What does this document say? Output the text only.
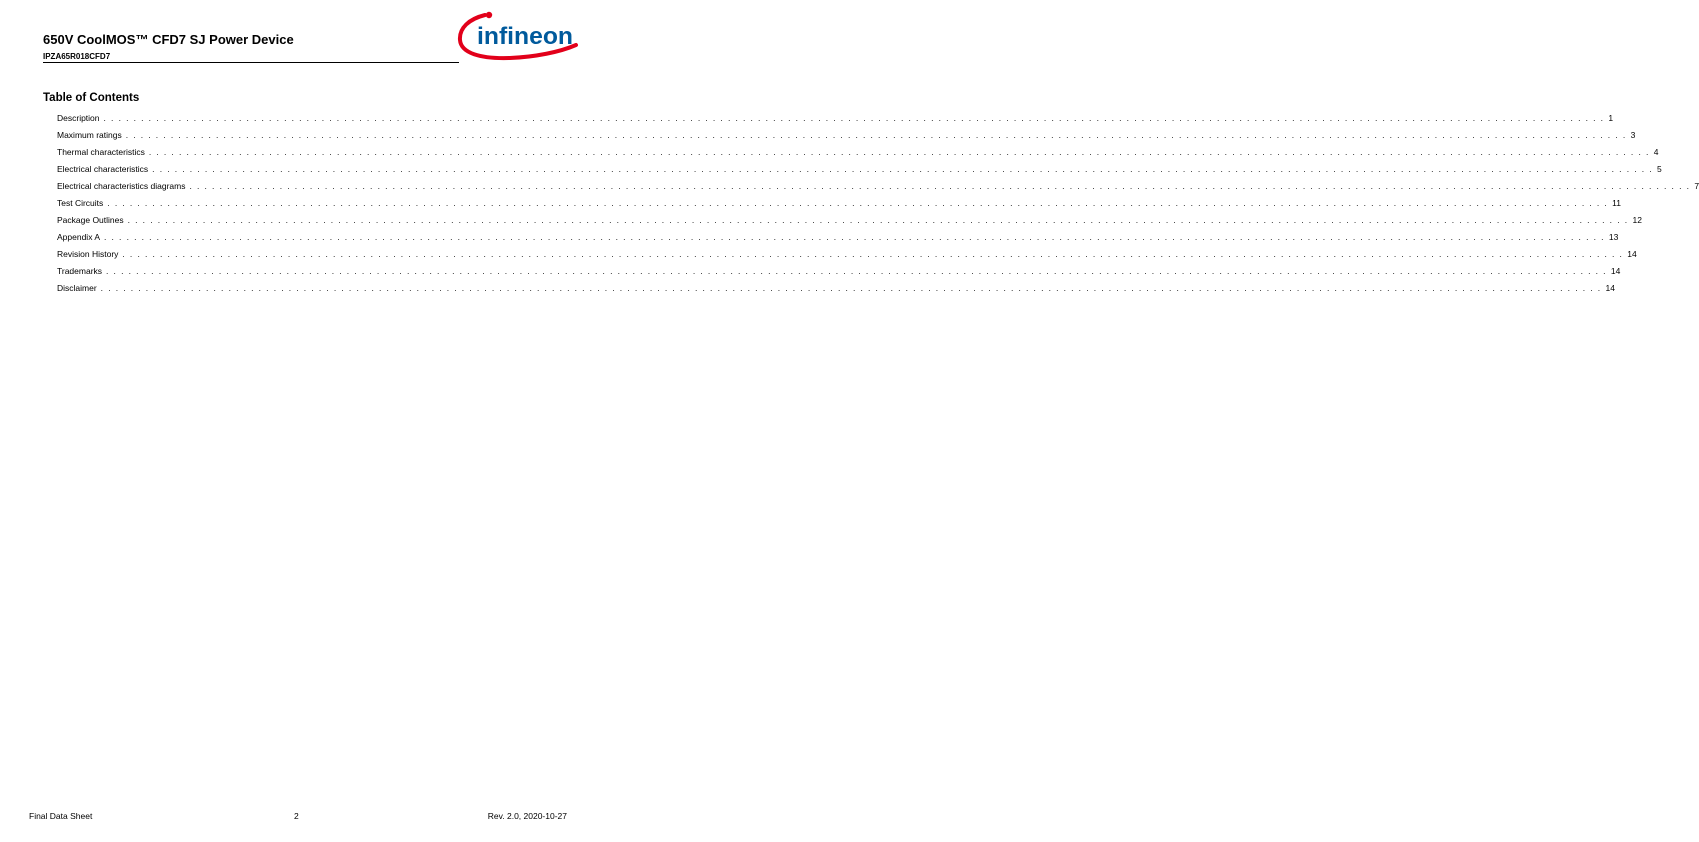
650V CoolMOS™ CFD7 SJ Power Device
IPZA65R018CFD7
infineon
Table of Contents
Description . . . . . . . . . . . . . . . . . . . . . . . . . . . . . . . . . . . . . . . . . . . . . . . . . . . . . . . . . . . . . . . . . . . . . . . . . . . . . . . . . . . . . . . . . . . . . . . . . . . . . . . . . . . . . . . . . . . . . . . . . . . . . . . . . . . . . . . . . . . . . . . . . . . . . . . . . . . . . . . . . . . . . . . . . . . . . . . . . . . . . . . . . . . . . . . . . . . . . . . . 1
Maximum ratings . . . . . . . . . . . . . . . . . . . . . . . . . . . . . . . . . . . . . . . . . . . . . . . . . . . . . . . . . . . . . . . . . . . . . . . . . . . . . . . . . . . . . . . . . . . . . . . . . . . . . . . . . . . . . . . . . . . . . . . . . . . . . . . . . . . . . . . . . . . . . . . . . . . . . . . . . . . . . . . . . . . . . . . . . . . . . . . . . . . . . . . . . . . . . . . . . . . . . . . . 3
Thermal characteristics . . . . . . . . . . . . . . . . . . . . . . . . . . . . . . . . . . . . . . . . . . . . . . . . . . . . . . . . . . . . . . . . . . . . . . . . . . . . . . . . . . . . . . . . . . . . . . . . . . . . . . . . . . . . . . . . . . . . . . . . . . . . . . . . . . . . . . . . . . . . . . . . . . . . . . . . . . . . . . . . . . . . . . . . . . . . . . . . . . . . . . . . . . . . . . . . . . . . . . . . 4
Electrical characteristics . . . . . . . . . . . . . . . . . . . . . . . . . . . . . . . . . . . . . . . . . . . . . . . . . . . . . . . . . . . . . . . . . . . . . . . . . . . . . . . . . . . . . . . . . . . . . . . . . . . . . . . . . . . . . . . . . . . . . . . . . . . . . . . . . . . . . . . . . . . . . . . . . . . . . . . . . . . . . . . . . . . . . . . . . . . . . . . . . . . . . . . . . . . . . . . . . . . . . . . . 5
Electrical characteristics diagrams . . . . . . . . . . . . . . . . . . . . . . . . . . . . . . . . . . . . . . . . . . . . . . . . . . . . . . . . . . . . . . . . . . . . . . . . . . . . . . . . . . . . . . . . . . . . . . . . . . . . . . . . . . . . . . . . . . . . . . . . . . . . . . . . . . . . . . . . . . . . . . . . . . . . . . . . . . . . . . . . . . . . . . . . . . . . . . . . . . . . . . . . . . . . . . . . . . . . . . . . 7
Test Circuits . . . . . . . . . . . . . . . . . . . . . . . . . . . . . . . . . . . . . . . . . . . . . . . . . . . . . . . . . . . . . . . . . . . . . . . . . . . . . . . . . . . . . . . . . . . . . . . . . . . . . . . . . . . . . . . . . . . . . . . . . . . . . . . . . . . . . . . . . . . . . . . . . . . . . . . . . . . . . . . . . . . . . . . . . . . . . . . . . . . . . . . . . . . . . . . . . . . . . . . . 11
Package Outlines . . . . . . . . . . . . . . . . . . . . . . . . . . . . . . . . . . . . . . . . . . . . . . . . . . . . . . . . . . . . . . . . . . . . . . . . . . . . . . . . . . . . . . . . . . . . . . . . . . . . . . . . . . . . . . . . . . . . . . . . . . . . . . . . . . . . . . . . . . . . . . . . . . . . . . . . . . . . . . . . . . . . . . . . . . . . . . . . . . . . . . . . . . . . . . . . . . . . . . . . 12
Appendix A . . . . . . . . . . . . . . . . . . . . . . . . . . . . . . . . . . . . . . . . . . . . . . . . . . . . . . . . . . . . . . . . . . . . . . . . . . . . . . . . . . . . . . . . . . . . . . . . . . . . . . . . . . . . . . . . . . . . . . . . . . . . . . . . . . . . . . . . . . . . . . . . . . . . . . . . . . . . . . . . . . . . . . . . . . . . . . . . . . . . . . . . . . . . . . . . . . . . . . . . 13
Revision History . . . . . . . . . . . . . . . . . . . . . . . . . . . . . . . . . . . . . . . . . . . . . . . . . . . . . . . . . . . . . . . . . . . . . . . . . . . . . . . . . . . . . . . . . . . . . . . . . . . . . . . . . . . . . . . . . . . . . . . . . . . . . . . . . . . . . . . . . . . . . . . . . . . . . . . . . . . . . . . . . . . . . . . . . . . . . . . . . . . . . . . . . . . . . . . . . . . . . . . . 14
Trademarks . . . . . . . . . . . . . . . . . . . . . . . . . . . . . . . . . . . . . . . . . . . . . . . . . . . . . . . . . . . . . . . . . . . . . . . . . . . . . . . . . . . . . . . . . . . . . . . . . . . . . . . . . . . . . . . . . . . . . . . . . . . . . . . . . . . . . . . . . . . . . . . . . . . . . . . . . . . . . . . . . . . . . . . . . . . . . . . . . . . . . . . . . . . . . . . . . . . . . . . . 14
Disclaimer . . . . . . . . . . . . . . . . . . . . . . . . . . . . . . . . . . . . . . . . . . . . . . . . . . . . . . . . . . . . . . . . . . . . . . . . . . . . . . . . . . . . . . . . . . . . . . . . . . . . . . . . . . . . . . . . . . . . . . . . . . . . . . . . . . . . . . . . . . . . . . . . . . . . . . . . . . . . . . . . . . . . . . . . . . . . . . . . . . . . . . . . . . . . . . . . . . . . . . . . 14
Final Data Sheet	2	Rev. 2.0, 2020-10-27
